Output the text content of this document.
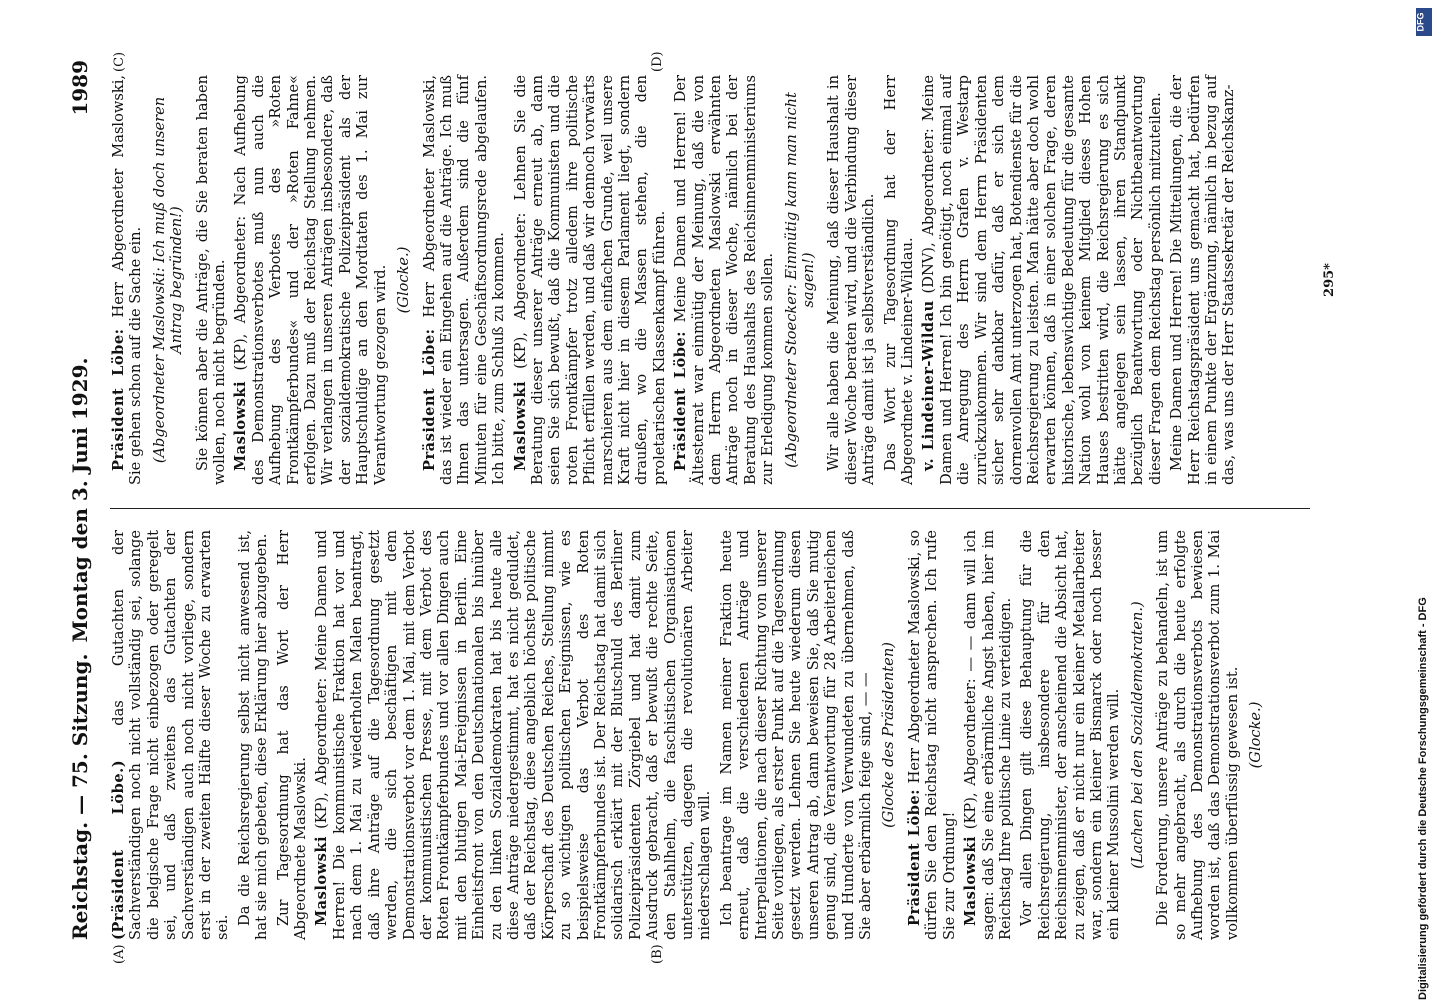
Reichstag. — 75. Sitzung.
Montag den 3. Juni 1929.
1989
(A)	(B)
(C)	(D)

(Präsident Löbe.) das Gutachten der Sachverständigen noch nicht vollständig sei, solange die belgische Frage nicht einbezogen oder geregelt sei, und daß zweitens das Gutachten der Sachverständigen auch noch nicht vorliege, sondern erst in der zweiten Hälfte dieser Woche zu erwarten sei.

Da die Reichsregierung selbst nicht anwesend ist, hat sie mich gebeten, diese Erklärung hier abzugeben. Zur Tagesordnung hat das Wort der Herr Abgeordnete Maslowski. Maslowski (KP), Abgeordneter: Meine Damen und Herren! Die kommunistische Fraktion hat vor und nach dem 1. Mai zu wiederholten Malen beantragt, daß ihre Anträge auf die Tagesordnung gesetzt werden, die sich beschäftigen mit dem Demonstrationsverbot vor dem 1. Mai, mit dem Verbot der kommunistischen Presse, mit dem Verbot des Roten Frontkämpferbundes und vor allen Dingen auch mit den blutigen Mai-Ereignissen in Berlin. Eine Einheitsfront von den Deutschnationalen bis hinüber zu den linken Sozialdemokraten hat bis heute alle diese Anträge niedergestimmt, hat es nicht geduldet, daß der Reichstag, diese angeblich höchste politische Körperschaft des Deutschen Reiches, Stellung nimmt zu so wichtigen politischen Ereignissen, wie es beispielsweise das Verbot des Roten Frontkämpferbundes ist. Der Reichstag hat damit sich solidarisch erklärt mit der Blutschuld des Berliner Polizeipräsidenten Zörgiebel und hat damit zum Ausdruck gebracht, daß er bewußt die rechte Seite, den Stahlhelm, die faschistischen Organisationen unterstützen, dagegen die revolutionären Arbeiter niederschlagen will. Ich beantrage im Namen meiner Fraktion heute erneut, daß die verschiedenen Anträge und Interpellationen, die nach dieser Richtung von unserer Seite vorliegen, als erster Punkt auf die Tagesordnung gesetzt werden. Lehnen Sie heute wiederum diesen unseren Antrag ab, dann beweisen Sie, daß Sie mutig genug sind, die Verantwortung für 28 Arbeiterleichen und Hunderte von Verwundeten zu übernehmen, daß Sie aber erbärmlich feige sind, — — (Glocke des Präsidenten)

Präsident Löbe: Herr Abgeordneter Maslowski, so dürfen Sie den Reichstag nicht ansprechen. Ich rufe Sie zur Ordnung! Maslowski (KP), Abgeordneter: — — dann will ich sagen: daß Sie eine erbärmliche Angst haben, hier im Reichstag Ihre politische Linie zu verteidigen. Vor allen Dingen gilt diese Behauptung für die Reichsregierung, insbesondere für den Reichsinnenminister, der anscheinend die Absicht hat, zu zeigen, daß er nicht nur ein kleiner Metallarbeiter war, sondern ein kleiner Bismarck oder noch besser ein kleiner Mussolini werden will. (Lachen bei den Sozialdemokraten.) Die Forderung, unsere Anträge zu behandeln, ist um so mehr angebracht, als durch die heute erfolgte Aufhebung des Demonstrationsverbots bewiesen worden ist, daß das Demonstrationsverbot zum 1. Mai vollkommen überflüssig gewesen ist. (Glocke.)

Präsident Löbe: Herr Abgeordneter Maslowski, Sie gehen schon auf die Sache ein. (Abgeordneter Maslowski: Ich muß doch unseren Antrag begründen!) Sie können aber die Anträge, die Sie beraten haben wollen, noch nicht begründen. Maslowski (KP), Abgeordneter: Nach Aufhebung des Demonstrationsverbotes muß nun auch die Aufhebung des Verbotes des »Roten Frontkämpferbundes« und der »Roten Fahne« erfolgen. Dazu muß der Reichstag Stellung nehmen. Wir verlangen in unseren Anträgen insbesondere, daß der sozialdemokratische Polizeipräsident als der Hauptschuldige an den Mordtaten des 1. Mai zur Verantwortung gezogen wird. (Glocke.)

Präsident Löbe: Herr Abgeordneter Maslowski, das ist wieder ein Eingehen auf die Anträge. Ich muß Ihnen das untersagen. Außerdem sind die fünf Minuten für eine Geschäftsordnungsrede abgelaufen. Ich bitte, zum Schluß zu kommen. Maslowski (KP), Abgeordneter: Lehnen Sie die Beratung dieser unserer Anträge erneut ab, dann seien Sie sich bewußt, daß die Kommunisten und die roten Frontkämpfer trotz alledem ihre politische Pflicht erfüllen werden, und daß wir dennoch vorwärts marschieren aus dem einfachen Grunde, weil unsere Kraft nicht hier in diesem Parlament liegt, sondern draußen, wo die Massen stehen, die den proletarischen Klassenkampf führen. Präsident Löbe: Meine Damen und Herren! Der Ältestenrat war einmütig der Meinung, daß die von dem Herrn Abgeordneten Maslowski erwähnten Anträge noch in dieser Woche, nämlich bei der Beratung des Haushalts des Reichsinnenministeriums zur Erledigung kommen sollen. (Abgeordneter Stoecker: Einmütig kann man nicht sagen!) Wir alle haben die Meinung, daß dieser Haushalt in dieser Woche beraten wird, und die Verbindung dieser Anträge damit ist ja selbstverständlich. Das Wort zur Tagesordnung hat der Herr Abgeordnete v. Lindeiner-Wildau. v. Lindeiner-Wildau (DNV), Abgeordneter: Meine Damen und Herren! Ich bin genötigt, noch einmal auf die Anregung des Herrn Grafen v. Westarp zurückzukommen. Wir sind dem Herrn Präsidenten sicher sehr dankbar dafür, daß er sich dem dornenvollen Amt unterzogen hat, Botendienste für die Reichsregierung zu leisten. Man hätte aber doch wohl erwarten können, daß in einer solchen Frage, deren historische, lebenswichtige Bedeutung für die gesamte Nation wohl von keinem Mitglied dieses Hohen Hauses bestritten wird, die Reichsregierung es sich hätte angelegen sein lassen, ihren Standpunkt bezüglich Beantwortung oder Nichtbeantwortung dieser Fragen dem Reichstag persönlich mitzuteilen. Meine Damen und Herren! Die Mitteilungen, die der Herr Reichstagspräsident uns gemacht hat, bedürfen in einem Punkte der Ergänzung, nämlich in bezug auf das, was uns der Herr Staatssekretär der Reichskanz-	295*
DFG
Digitalisierung gefördert durch die Deutsche Forschungsgemeinschaft - DFG
